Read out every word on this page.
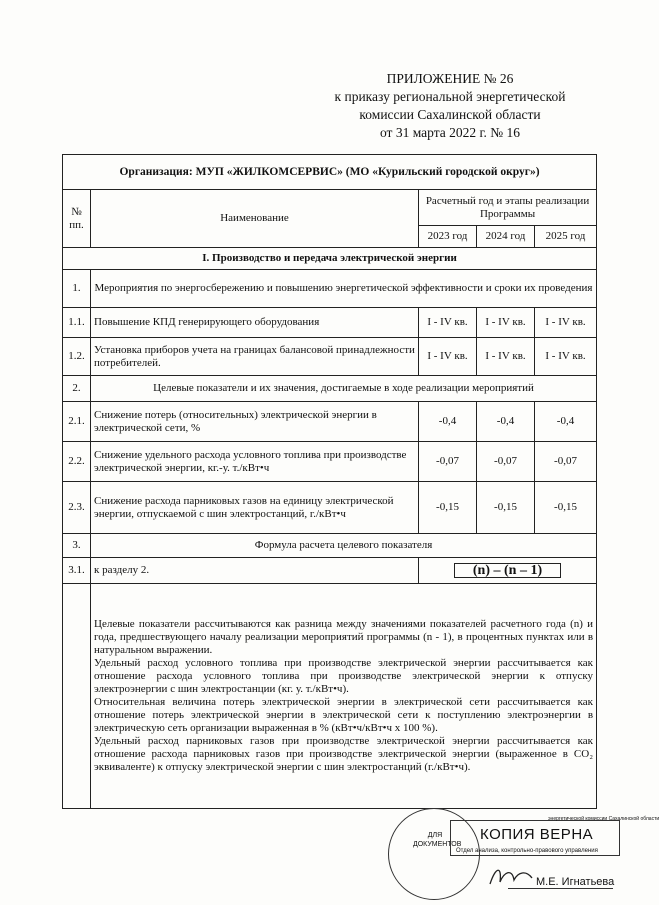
ПРИЛОЖЕНИЕ № 26
к приказу региональной энергетической
комиссии Сахалинской области
от 31 марта 2022 г. № 16
Организация: МУП «ЖИЛКОМСЕРВИС» (МО «Курильский городской округ»)				
№ пп.	Наименование	Расчетный год и этапы реализации Программы		
		2023 год	2024 год	2025 год
I. Производство и передача электрической энергии				
1.	Мероприятия по энергосбережению и повышению энергетической эффективности и сроки их проведения			
1.1.	Повышение КПД генерирующего оборудования	I - IV кв.	I - IV кв.	I - IV кв.
1.2.	Установка приборов учета на границах балансовой принадлежности потребителей.	I - IV кв.	I - IV кв.	I - IV кв.
2.	Целевые показатели и их значения, достигаемые в ходе реализации мероприятий			
2.1.	Снижение потерь (относительных) электрической энергии в электрической сети, %	-0,4	-0,4	-0,4
2.2.	Снижение удельного расхода условного топлива при производстве электрической энергии, кг.-у. т./кВт•ч	-0,07	-0,07	-0,07
2.3.	Снижение расхода парниковых газов на единицу электрической энергии, отпускаемой с шин электростанций, г./кВт•ч	-0,15	-0,15	-0,15
3.	Формула расчета целевого показателя			
3.1.	к разделу 2.	(n) – (n – 1)		

	Целевые показатели рассчитываются как разница между значениями показателей расчетного года (n) и года, предшествующего началу реализации мероприятий программы (n - 1), в процентных пунктах или в натуральном выражении.

Удельный расход условного топлива при производстве электрической энергии рассчитывается как отношение расхода условного топлива при производстве электрической энергии к отпуску электроэнергии с шин электростанции (кг. у. т./кВт•ч).

Относительная величина потерь электрической энергии в электрической сети рассчитывается как отношение потерь электрической энергии в электрической сети к поступлению электроэнергии в электрическую сеть организации выраженная в % (кВт•ч/кВт•ч х 100 %).

Удельный расход парниковых газов при производстве электрической энергии рассчитывается как отношение расхода парниковых газов при производстве электрической энергии (выраженное в CO₂ эквиваленте) к отпуску электрической энергии с шин электростанций (г./кВт•ч).			

ДЛЯ ДОКУМЕНТОВ
энергетической комиссии Сахалинской области
КОПИЯ ВЕРНА
Отдел анализа, контрольно-правового управления
М.Е. Игнатьева
